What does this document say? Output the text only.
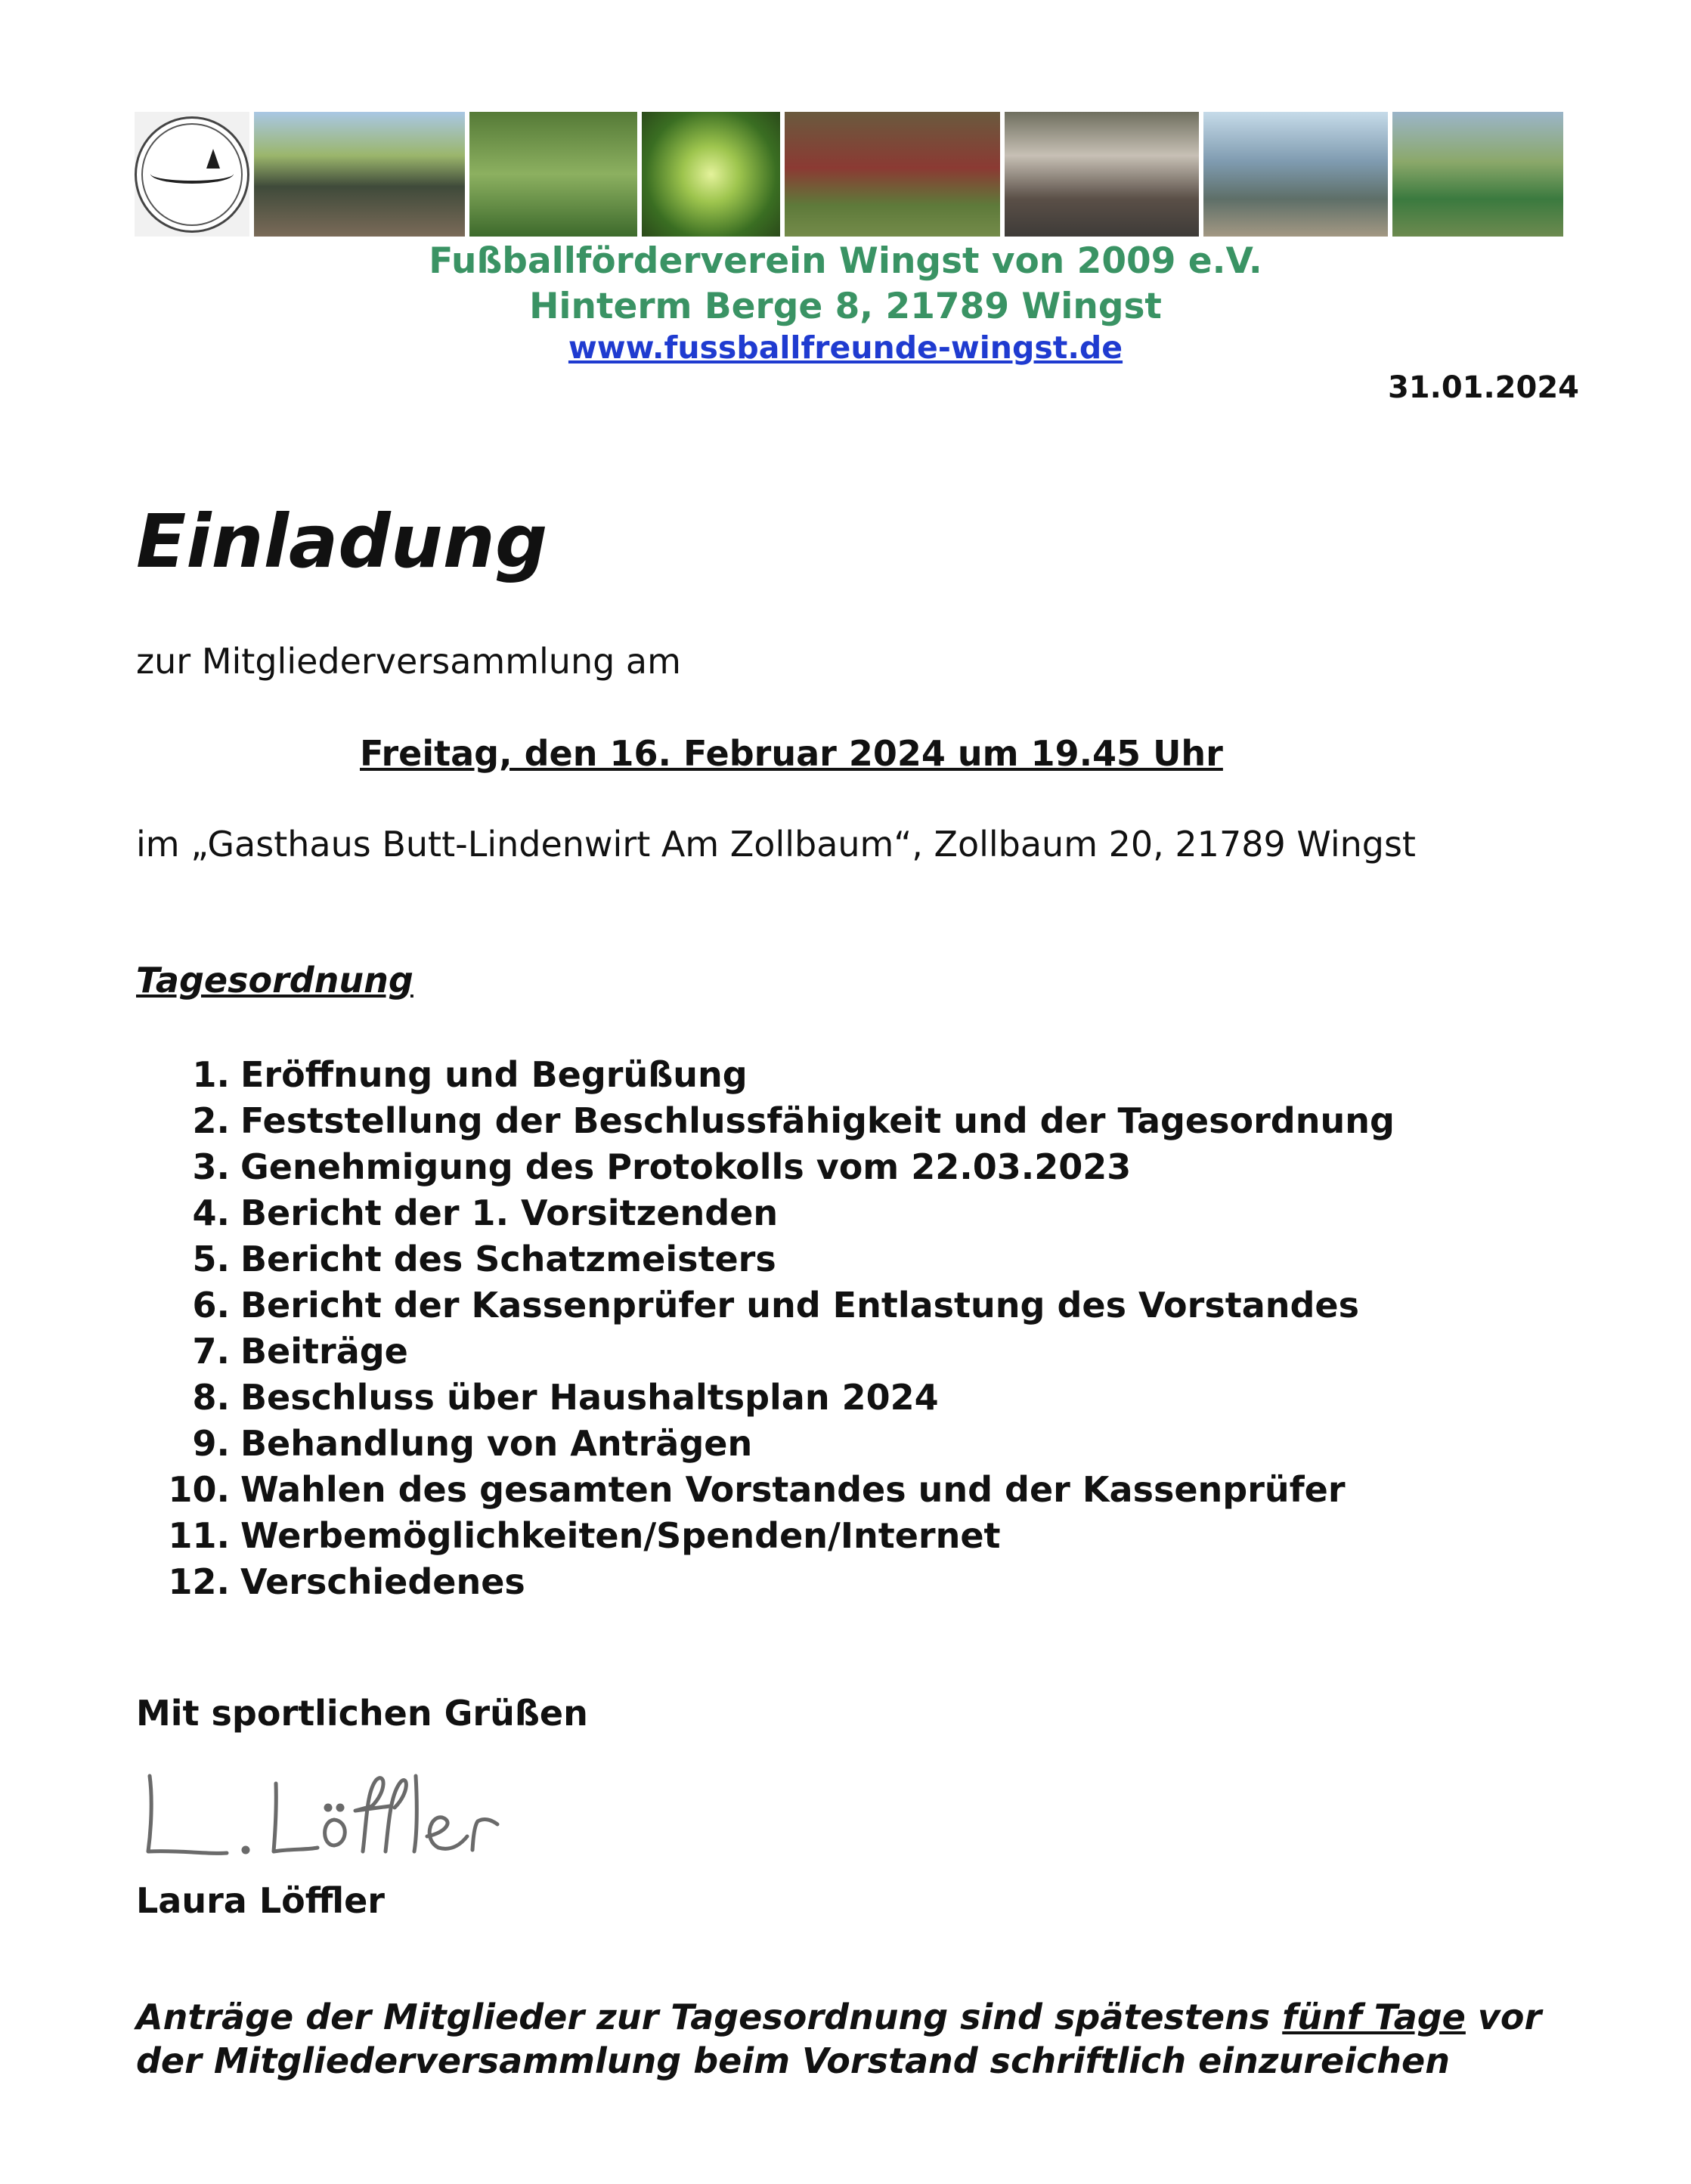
Fußballförderverein Wingst von 2009 e.V.
Hinterm Berge 8, 21789 Wingst
www.fussballfreunde-wingst.de
31.01.2024
Einladung
zur Mitgliederversammlung am
Freitag, den 16. Februar 2024 um 19.45 Uhr
im „Gasthaus Butt-Lindenwirt Am Zollbaum“, Zollbaum 20, 21789 Wingst
Tagesordnung
1. Eröffnung und Begrüßung
2. Feststellung der Beschlussfähigkeit und der Tagesordnung
3. Genehmigung des Protokolls vom 22.03.2023
4. Bericht der 1. Vorsitzenden
5. Bericht des Schatzmeisters
6. Bericht der Kassenprüfer und Entlastung des Vorstandes
7. Beiträge
8. Beschluss über Haushaltsplan 2024
9. Behandlung von Anträgen
10. Wahlen des gesamten Vorstandes und der Kassenprüfer
11. Werbemöglichkeiten/Spenden/Internet
12. Verschiedenes
Mit sportlichen Grüßen
Laura Löffler
Anträge der Mitglieder zur Tagesordnung sind spätestens fünf Tage vor der Mitgliederversammlung beim Vorstand schriftlich einzureichen
